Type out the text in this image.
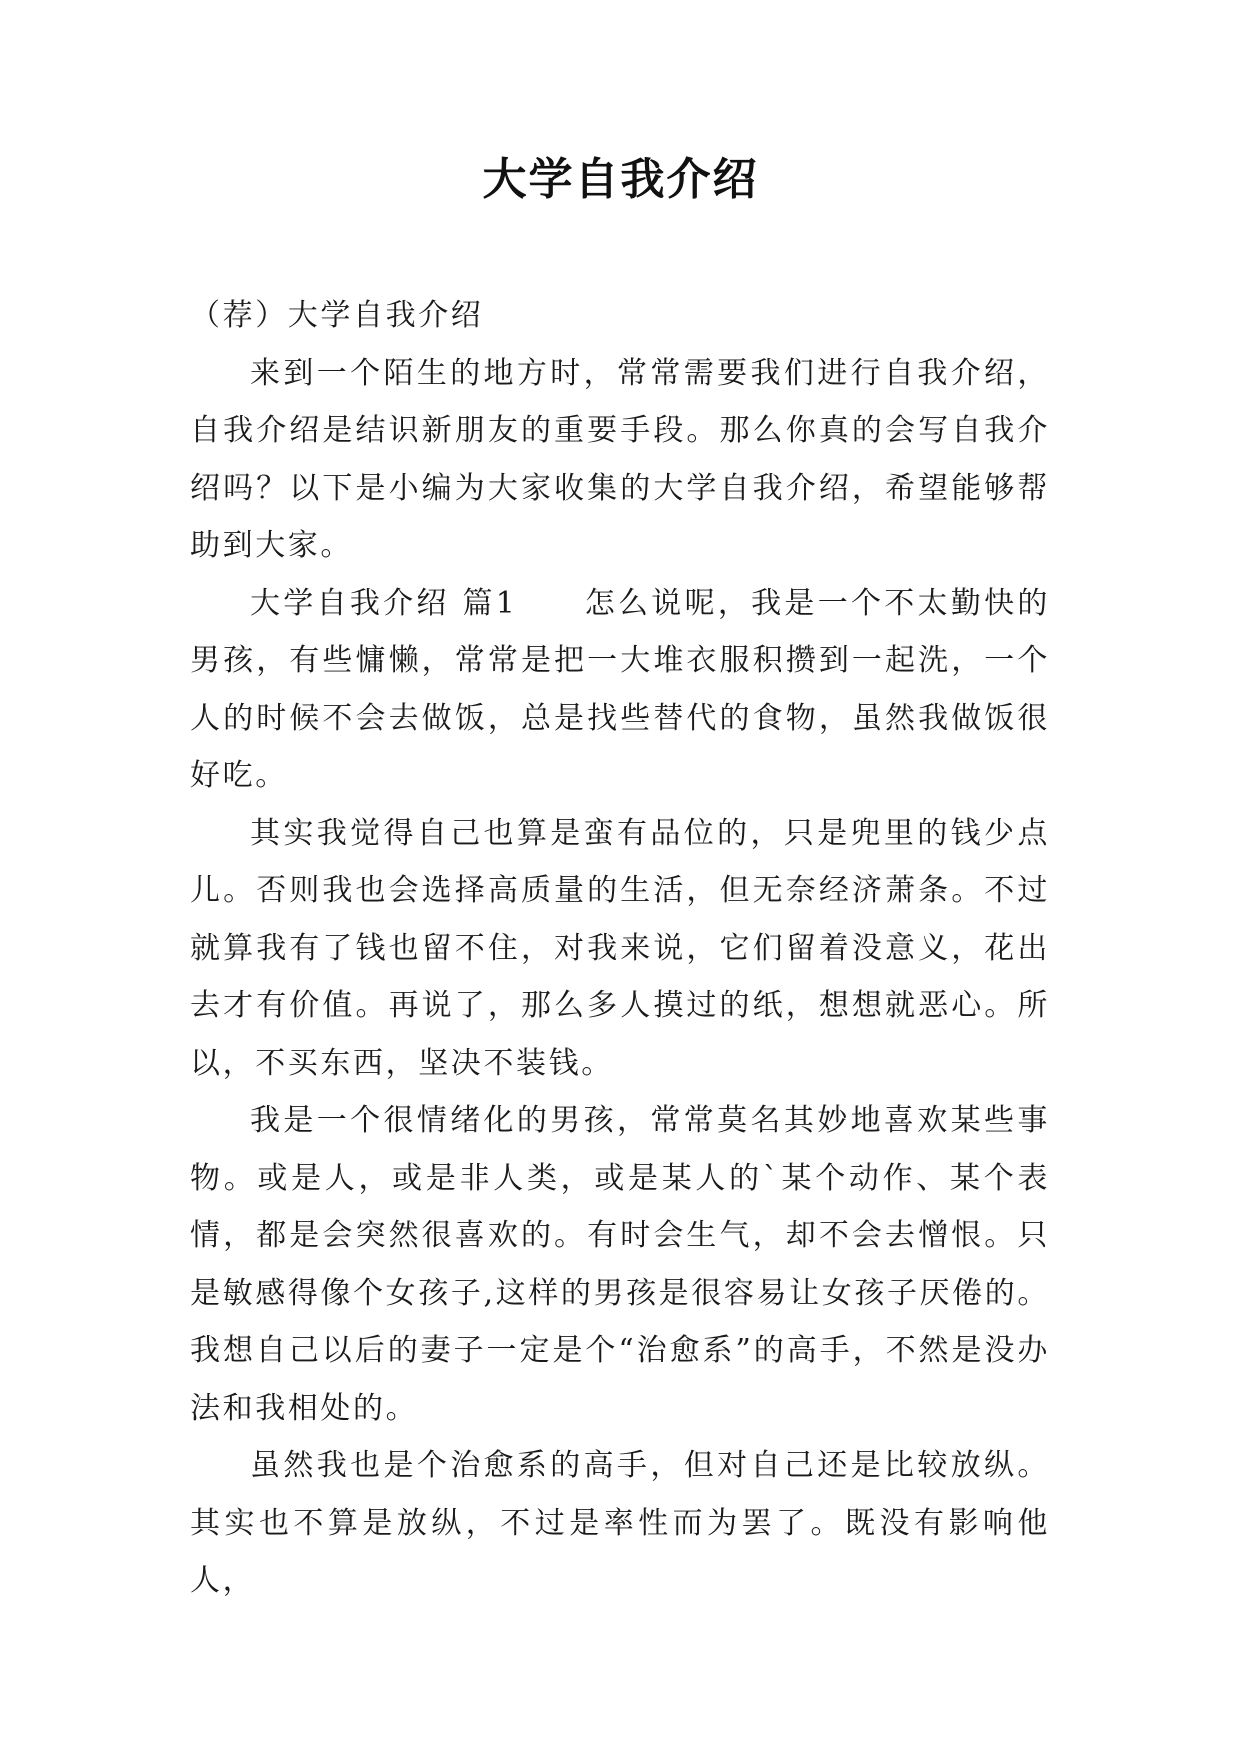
大学自我介绍

（荐）大学自我介绍

来到一个陌生的地方时，常常需要我们进行自我介绍，自我介绍是结识新朋友的重要手段。那么你真的会写自我介绍吗？以下是小编为大家收集的大学自我介绍，希望能够帮助到大家。

大学自我介绍 篇1　　怎么说呢，我是一个不太勤快的男孩，有些慵懒，常常是把一大堆衣服积攒到一起洗，一个人的时候不会去做饭，总是找些替代的食物，虽然我做饭很好吃。

其实我觉得自己也算是蛮有品位的，只是兜里的钱少点儿。否则我也会选择高质量的生活，但无奈经济萧条。不过就算我有了钱也留不住，对我来说，它们留着没意义，花出去才有价值。再说了，那么多人摸过的纸，想想就恶心。所以，不买东西，坚决不装钱。

我是一个很情绪化的男孩，常常莫名其妙地喜欢某些事物。或是人，或是非人类，或是某人的`某个动作、某个表情，都是会突然很喜欢的。有时会生气，却不会去憎恨。只是敏感得像个女孩子,这样的男孩是很容易让女孩子厌倦的。我想自己以后的妻子一定是个“治愈系”的高手，不然是没办法和我相处的。

虽然我也是个治愈系的高手，但对自己还是比较放纵。其实也不算是放纵，不过是率性而为罢了。既没有影响他人，
